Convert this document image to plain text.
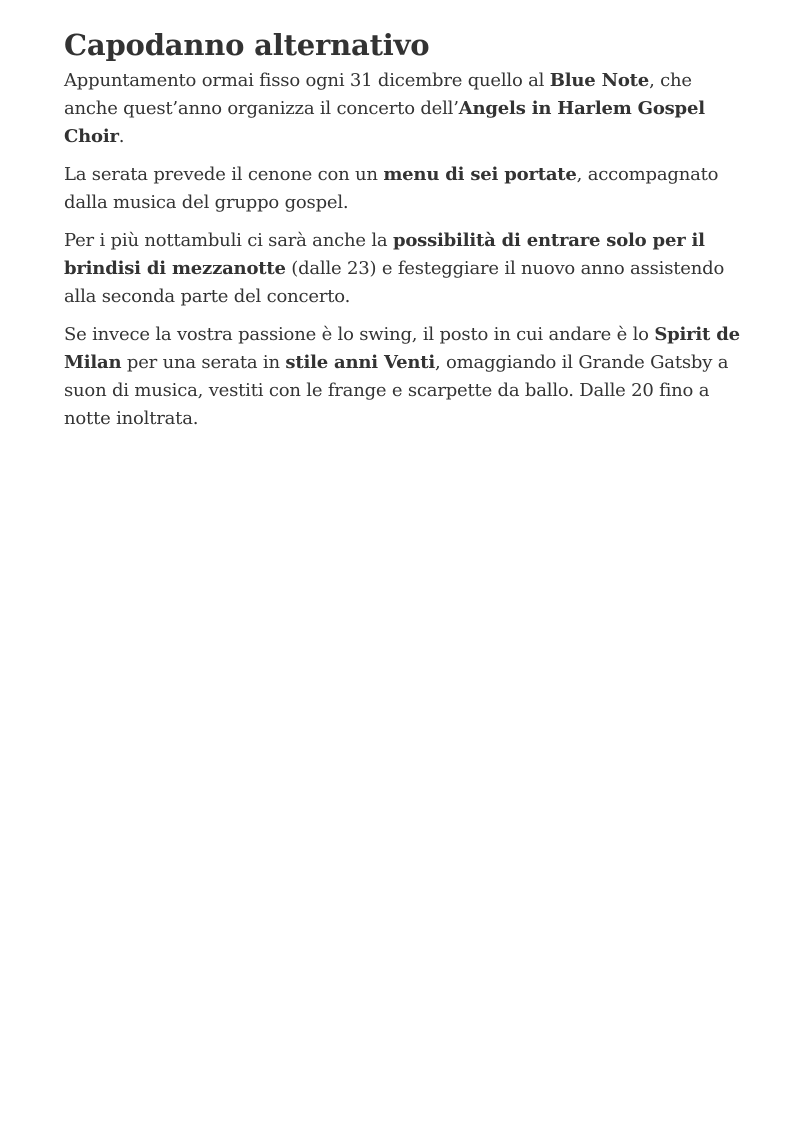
Capodanno alternativo

Appuntamento ormai fisso ogni 31 dicembre quello al Blue Note, che anche quest’anno organizza il concerto dell’Angels in Harlem Gospel Choir.

La serata prevede il cenone con un menu di sei portate, accompagnato dalla musica del gruppo gospel.

Per i più nottambuli ci sarà anche la possibilità di entrare solo per il brindisi di mezzanotte (dalle 23) e festeggiare il nuovo anno assistendo alla seconda parte del concerto.

Se invece la vostra passione è lo swing, il posto in cui andare è lo Spirit de Milan per una serata in stile anni Venti, omaggiando il Grande Gatsby a suon di musica, vestiti con le frange e scarpette da ballo. Dalle 20 fino a notte inoltrata.
